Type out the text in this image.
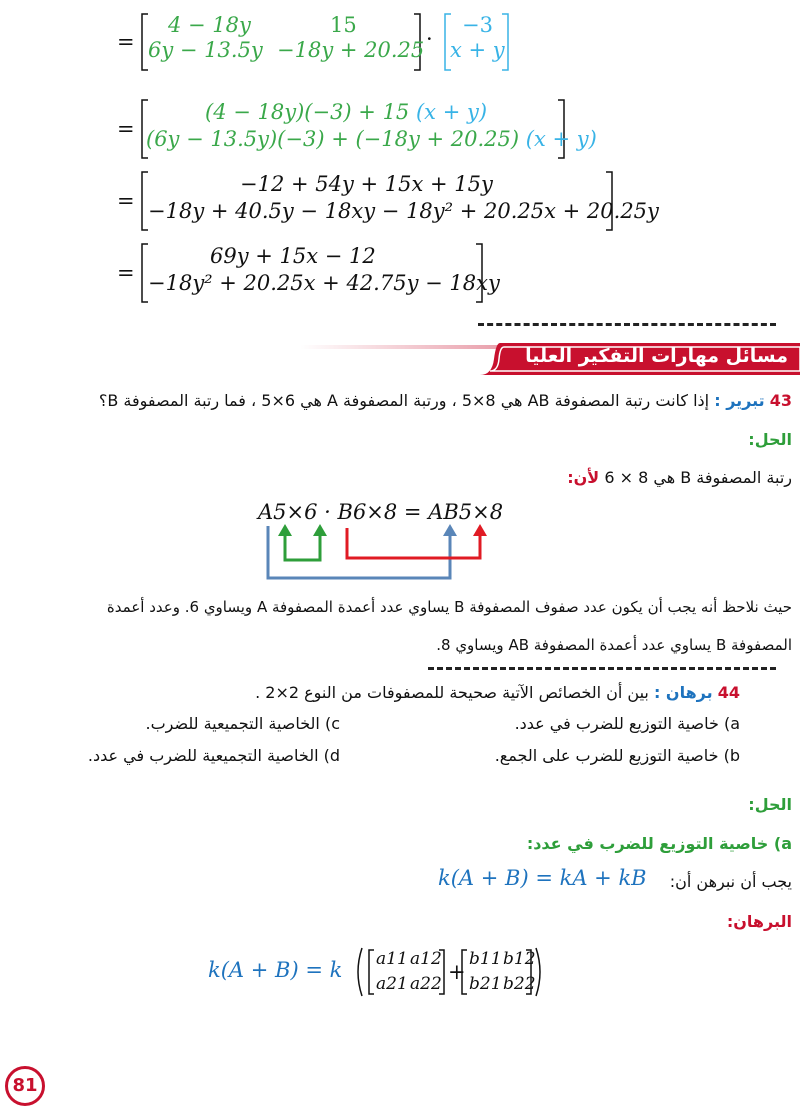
=
4 − 18y	15
6y − 13.5y −18y + 20.25 ·
−3
x + y
=
(4 − 18y)(−3) + 15 (x + y)
(6y − 13.5y)(−3) + (−18y + 20.25) (x + y)
=
−12 + 54y + 15x + 15y
−18y + 40.5y − 18xy − 18y² + 20.25x + 20.25y
=
69y + 15x − 12
−18y² + 20.25x + 42.75y − 18xy
مسائل مهارات التفكير العليا
43 تبرير : إذا كانت رتبة المصفوفة AB هي 8×5 ، ورتبة المصفوفة A هي 6×5 ، فما رتبة المصفوفة B؟
الحل:
رتبة المصفوفة B هي 8 × 6 لأن:
A5×6 · B6×8 = AB5×8
حيث نلاحظ أنه يجب أن يكون عدد صفوف المصفوفة B يساوي عدد أعمدة المصفوفة A ويساوي 6. وعدد أعمدة
المصفوفة B يساوي عدد أعمدة المصفوفة AB ويساوي 8.
44 برهان : بين أن الخصائص الآتية صحيحة للمصفوفات من النوع 2×2 .
a) خاصية التوزيع للضرب في عدد.
c) الخاصية التجميعية للضرب.
b) خاصية التوزيع للضرب على الجمع.
d) الخاصية التجميعية للضرب في عدد.
الحل:
a) خاصية التوزيع للضرب في عدد:
يجب أن نبرهن أن:
k(A + B) = kA + kB
البرهان:
k(A + B) = k	+
a11 a12
a21 a22
b11 b12
b21 b22
81
